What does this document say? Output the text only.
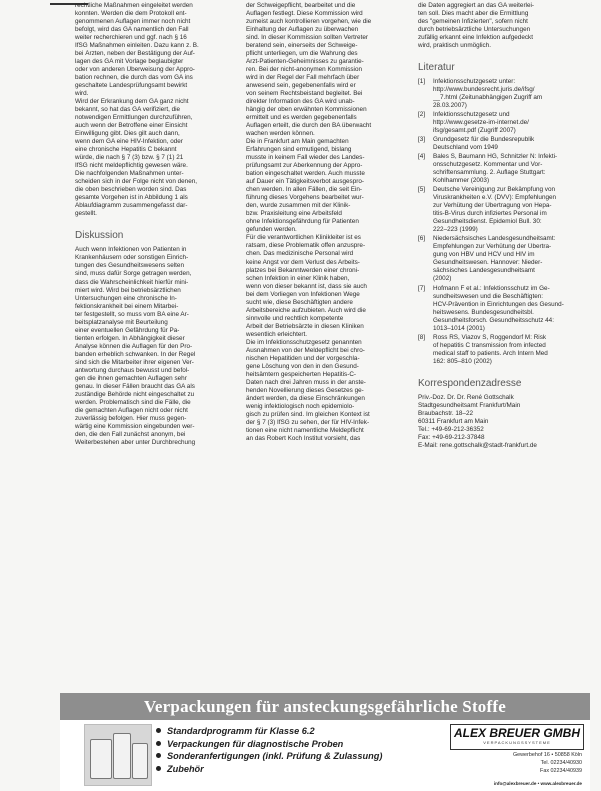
rechtliche Maßnahmen eingeleitet werden

konnten. Werden die dem Protokoll ent-

genommenen Auflagen immer noch nicht

befolgt, wird das GA namentlich den Fall

weiter recherchieren und ggf. nach § 16

IfSG Maßnahmen einleiten. Dazu kann z. B.

bei Ärzten, neben der Bestätigung der Auf-

lagen des GA mit Vorlage beglaubigter

oder von anderen Überweisung der Appro-

bation rechnen, die durch das vom GA ins

geschaltete Landesprüfungsamt bewirkt

wird.

Wird der Erkrankung dem GA ganz nicht

bekannt, so hat das GA verifiziert, die

notwendigen Ermittlungen durchzuführen,

auch wenn der Betroffene einer Einsicht

Einwilligung gibt. Dies gilt auch dann,

wenn dem GA eine HIV-Infektion, oder

eine chronische Hepatitis C bekannt

würde, die nach § 7 (3) bzw. § 7 (1) 21

IfSG nicht meldepflichtig gewesen wäre.

Die nachfolgenden Maßnahmen unter-

scheiden sich in der Folge nicht von denen,

die oben beschrieben worden sind. Das

gesamte Vorgehen ist in Abbildung 1 als

Ablaufdiagramm zusammengefasst dar-

gestellt.

Diskussion

Auch wenn Infektionen von Patienten in

Krankenhäusern oder sonstigen Einrich-

tungen des Gesundheitswesens selten

sind, muss dafür Sorge getragen werden,

dass die Wahrscheinlichkeit hierfür mini-

miert wird. Wird bei betriebsärztlichen

Untersuchungen eine chronische In-

fektionskrankheit bei einem Mitarbei-

ter festgestellt, so muss vom BA eine Ar-

beitsplatzanalyse mit Beurteilung

einer eventuellen Gefährdung für Pa-

tienten erfolgen. In Abhängigkeit dieser

Analyse können die Auflagen für den Pro-

banden erheblich schwanken. In der Regel

sind sich die Mitarbeiter ihrer eigenen Ver-

antwortung durchaus bewusst und befol-

gen die ihnen gemachten Auflagen sehr

genau. In dieser Fällen braucht das GA als

zuständige Behörde nicht eingeschaltet zu

werden. Problematisch sind die Fälle, die

die gemachten Auflagen nicht oder nicht

zuverlässig befolgen. Hier muss gegen-

wärtig eine Kommission eingebunden wer-

den, die den Fall zunächst anonym, bei

Weiterbestehen aber unter Durchbrechung

der Schweigepflicht, bearbeitet und die

Auflagen festlegt. Diese Kommission wird

zumeist auch kontrollieren vorgehen, wie die

Einhaltung der Auflagen zu überwachen

sind. In dieser Kommission sollten Vertreter

beratend sein, einerseits der Schweige-

pflicht unterliegen, um die Wahrung des

Arzt-Patienten-Geheimnisses zu garantie-

ren. Bei der nicht-anonymen Kommission

wird in der Regel der Fall mehrfach über

anwesend sein, gegebenenfalls wird er

von seinem Rechtsbeistand begleitet. Bei

direkter Information des GA wird unab-

hängig der oben erwähnten Kommissionen

ermittelt und es werden gegebenenfalls

Auflagen erteilt, die durch den BA überwacht

wachen werden können.

Die in Frankfurt am Main gemachten

Erfahrungen sind ermutigend, bislang

musste in keinem Fall wieder des Landes-

prüfungsamt zur Aberkennung der Appro-

bation eingeschaltet werden. Auch musste

auf Dauer ein Tätigkeitsverbot ausgespro-

chen werden. In allen Fällen, die seit Ein-

führung dieses Vorgehens bearbeitet wur-

den, wurde zusammen mit der Klinik-

bzw. Praxisleitung eine Arbeitsfeld

ohne Infektionsgefährdung für Patienten

gefunden werden.

Für die verantwortlichen Klinikleiter ist es

ratsam, diese Problematik offen anzuspre-

chen. Das medizinische Personal wird

keine Angst vor dem Verlust des Arbeits-

platzes bei Bekanntwerden einer chroni-

schen Infektion in einer Klinik haben,

wenn von dieser bekannt ist, dass sie auch

bei dem Vorliegen von Infektionen Wege

sucht wie, diese Beschäftigten andere

Arbeitsbereiche aufzubieten. Auch wird die

sinnvolle und rechtlich kompetente

Arbeit der Betriebsärzte in diesen Kliniken

wesentlich erleichtert.

Die im Infektionsschutzgesetz genannten

Ausnahmen von der Meldepflicht bei chro-

nischen Hepatitiden und der vorgeschla-

gene Löschung von den in den Gesund-

heitsämtern gespeicherten Hepatitis-C-

Daten nach drei Jahren muss in der anste-

henden Novellierung dieses Gesetzes ge-

ändert werden, da diese Einschränkungen

wenig infektiologisch noch epidemiolo-

gisch zu prüfen sind. Im gleichen Kontext ist

der § 7 (3) IfSG zu sehen, der für HIV-Infek-

tionen eine nicht namentliche Meldepflicht

an das Robert Koch Institut vorsieht, das

die Daten aggregiert an das GA weiterlei-

ten soll. Dies macht aber die Ermittlung

des "gemeinen Infizierten", sofern nicht

durch betriebsärztliche Untersuchungen

zufällig erkannt eine Infektion aufgedeckt

wird, praktisch unmöglich.

Literatur
[1]	Infektionsschutzgesetz unter:

http://www.bundesrecht.juris.de/ifsg/

__7.html (Zeitunabhängigen Zugriff am

28.03.2007)

[2]	Infektionsschutzgesetz und

http://www.gesetze-im-internet.de/

ifsg/gesamt.pdf (Zugriff 2007)

[3]	Grundgesetz für die Bundesrepublik

Deutschland vom 1949

[4]	Bales S, Baumann HG, Schnitzler N: Infekti-

onsschutzgesetz. Kommentar und Vor-

schriftensammlung. 2. Auflage Stuttgart:

Kohlhammer (2003)

[5]	Deutsche Vereinigung zur Bekämpfung von

Viruskrankheiten e.V. (DVV): Empfehlungen

zur Verhütung der Übertragung von Hepa-

titis-B-Virus durch infiziertes Personal im

Gesundheitsdienst. Epidemiol Bull. 30:

222–223 (1999)

[6]	Niedersächsisches Landesgesundheitsamt:

Empfehlungen zur Verhütung der Übertra-

gung von HBV und HCV und HIV im

Gesundheitswesen. Hannover: Nieder-

sächsisches Landesgesundheitsamt

(2002)

[7]	Hofmann F et al.: Infektionsschutz im Ge-

sundheitswesen und die Beschäftigten:

HCV-Prävention in Einrichtungen des Gesund-

heitswesens. Bundesgesundheitsbl.

Gesundheitsforsch. Gesundheitsschutz 44:

1013–1014 (2001)

[8]	Ross RS, Viazov S, Roggendorf M: Risk

of hepatitis C transmission from infected

medical staff to patients. Arch Intern Med

162: 805–810 (2002)

Korrespondenzadresse

Priv.-Doz. Dr. Dr. René Gottschalk

Stadtgesundheitsamt Frankfurt/Main

Braubachstr. 18–22

60311 Frankfurt am Main

Tel.: +49-69-212-36352

Fax: +49-69-212-37848

E-Mail: rene.gottschalk@stadt-frankfurt.de

Verpackungen für ansteckungsgefährliche Stoffe
Standardprogramm für Klasse 6.2
Verpackungen für diagnostische Proben
Sonderanfertigungen (inkl. Prüfung & Zulassung)
Zubehör
ALEX BREUER GMBH
VERPACKUNGSSYSTEME

Gewerbehof 16 • 50858 Köln

Tel. 02234/40930

Fax 02234/40939

info@alexbreuer.de • www.alexbreuer.de
